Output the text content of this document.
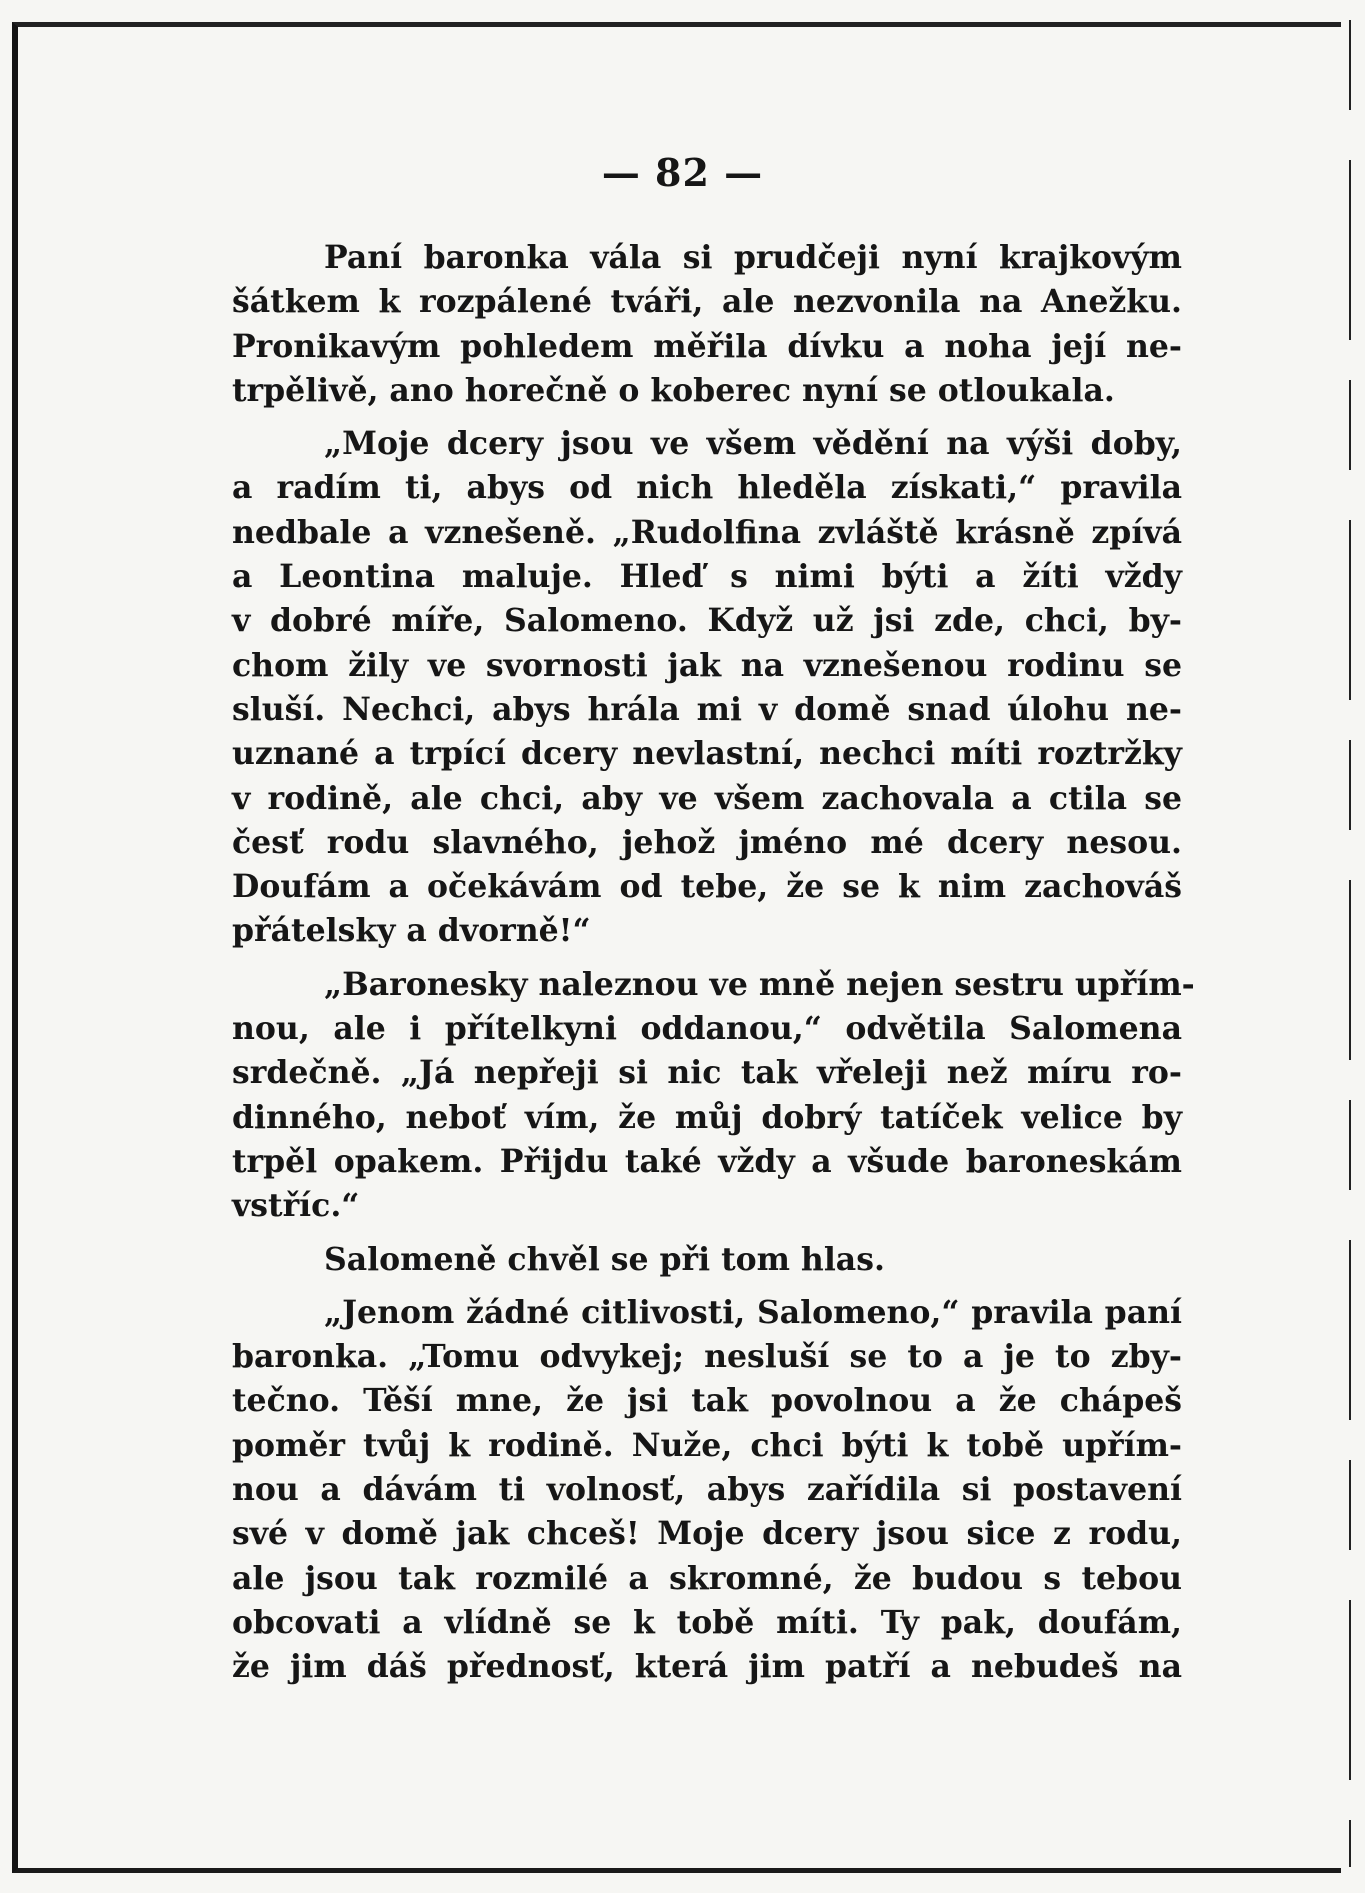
— 82 —
Paní baronka vála si prudčeji nyní krajkovým
šátkem k rozpálené tváři, ale nezvonila na Anežku.
Pronikavým pohledem měřila dívku a noha její ne-
trpělivě, ano horečně o koberec nyní se otloukala.
„Moje dcery jsou ve všem vědění na výši doby,
a radím ti, abys od nich hleděla získati,“ pravila
nedbale a vznešeně. „Rudolfina zvláště krásně zpívá
a Leontina maluje. Hleď s nimi býti a žíti vždy
v dobré míře, Salomeno. Když už jsi zde, chci, by-
chom žily ve svornosti jak na vznešenou rodinu se
sluší. Nechci, abys hrála mi v domě snad úlohu ne-
uznané a trpící dcery nevlastní, nechci míti roztržky
v rodině, ale chci, aby ve všem zachovala a ctila se
česť rodu slavného, jehož jméno mé dcery nesou.
Doufám a očekávám od tebe, že se k nim zachováš
přátelsky a dvorně!“
„Baronesky naleznou ve mně nejen sestru upřím-
nou, ale i přítelkyni oddanou,“ odvětila Salomena
srdečně. „Já nepřeji si nic tak vřeleji než míru ro-
dinného, neboť vím, že můj dobrý tatíček velice by
trpěl opakem. Přijdu také vždy a všude baroneskám
vstříc.“
Salomeně chvěl se při tom hlas.
„Jenom žádné citlivosti, Salomeno,“ pravila paní
baronka. „Tomu odvykej; nesluší se to a je to zby-
tečno. Těší mne, že jsi tak povolnou a že chápeš
poměr tvůj k rodině. Nuže, chci býti k tobě upřím-
nou a dávám ti volnosť, abys zařídila si postavení
své v domě jak chceš! Moje dcery jsou sice z rodu,
ale jsou tak rozmilé a skromné, že budou s tebou
obcovati a vlídně se k tobě míti. Ty pak, doufám,
že jim dáš přednosť, která jim patří a nebudeš na
